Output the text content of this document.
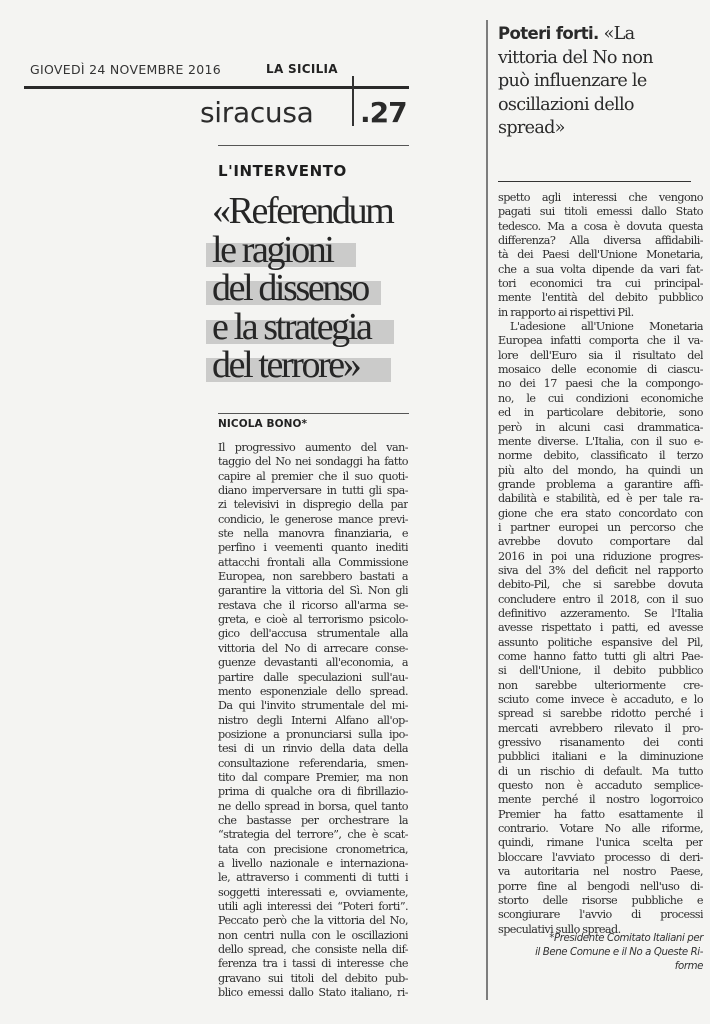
GIOVEDÌ 24 NOVEMBRE 2016	LA SICILIA
siracusa .27
L'INTERVENTO
«Referendum
le ragioni
del dissenso
e la strategia
del terrore»
NICOLA BONO*
Il progressivo aumento del van-
taggio del No nei sondaggi ha fatto
capire al premier che il suo quoti-
diano imperversare in tutti gli spa-
zi televisivi in dispregio della par
condicio, le generose mance previ-
ste nella manovra finanziaria, e
perfino i veementi quanto inediti
attacchi frontali alla Commissione
Europea, non sarebbero bastati a
garantire la vittoria del Sì. Non gli
restava che il ricorso all'arma se-
greta, e cioè al terrorismo psicolo-
gico dell'accusa strumentale alla
vittoria del No di arrecare conse-
guenze devastanti all'economia, a
partire dalle speculazioni sull'au-
mento esponenziale dello spread.
Da qui l'invito strumentale del mi-
nistro degli Interni Alfano all'op-
posizione a pronunciarsi sulla ipo-
tesi di un rinvio della data della
consultazione referendaria, smen-
tito dal compare Premier, ma non
prima di qualche ora di fibrillazio-
ne dello spread in borsa, quel tanto
che bastasse per orchestrare la
“strategia del terrore”, che è scat-
tata con precisione cronometrica,
a livello nazionale e internaziona-
le, attraverso i commenti di tutti i
soggetti interessati e, ovviamente,
utili agli interessi dei “Poteri forti”.
Peccato però che la vittoria del No,
non centri nulla con le oscillazioni
dello spread, che consiste nella dif-
ferenza tra i tassi di interesse che
gravano sui titoli del debito pub-
blico emessi dallo Stato italiano, ri-
Poteri forti. «La
vittoria del No non
può influenzare le
oscillazioni dello
spread»
spetto agli interessi che vengono
pagati sui titoli emessi dallo Stato
tedesco. Ma a cosa è dovuta questa
differenza? Alla diversa affidabili-
tà dei Paesi dell'Unione Monetaria,
che a sua volta dipende da vari fat-
tori economici tra cui principal-
mente l'entità del debito pubblico
in rapporto ai rispettivi Pil.
L'adesione all'Unione Monetaria
Europea infatti comporta che il va-
lore dell'Euro sia il risultato del
mosaico delle economie di ciascu-
no dei 17 paesi che la compongo-
no, le cui condizioni economiche
ed in particolare debitorie, sono
però in alcuni casi drammatica-
mente diverse. L'Italia, con il suo e-
norme debito, classificato il terzo
più alto del mondo, ha quindi un
grande problema a garantire affi-
dabilità e stabilità, ed è per tale ra-
gione che era stato concordato con
i partner europei un percorso che
avrebbe dovuto comportare dal
2016 in poi una riduzione progres-
siva del 3% del deficit nel rapporto
debito-Pil, che si sarebbe dovuta
concludere entro il 2018, con il suo
definitivo azzeramento. Se l'Italia
avesse rispettato i patti, ed avesse
assunto politiche espansive del Pil,
come hanno fatto tutti gli altri Pae-
si dell'Unione, il debito pubblico
non sarebbe ulteriormente cre-
sciuto come invece è accaduto, e lo
spread si sarebbe ridotto perché i
mercati avrebbero rilevato il pro-
gressivo risanamento dei conti
pubblici italiani e la diminuzione
di un rischio di default. Ma tutto
questo non è accaduto semplice-
mente perché il nostro logorroico
Premier ha fatto esattamente il
contrario. Votare No alle riforme,
quindi, rimane l'unica scelta per
bloccare l'avviato processo di deri-
va autoritaria nel nostro Paese,
porre fine al bengodi nell'uso di-
storto delle risorse pubbliche e
scongiurare l'avvio di processi
speculativi sullo spread.
*Presidente Comitato Italiani per
il Bene Comune e il No a Queste Ri-
forme
